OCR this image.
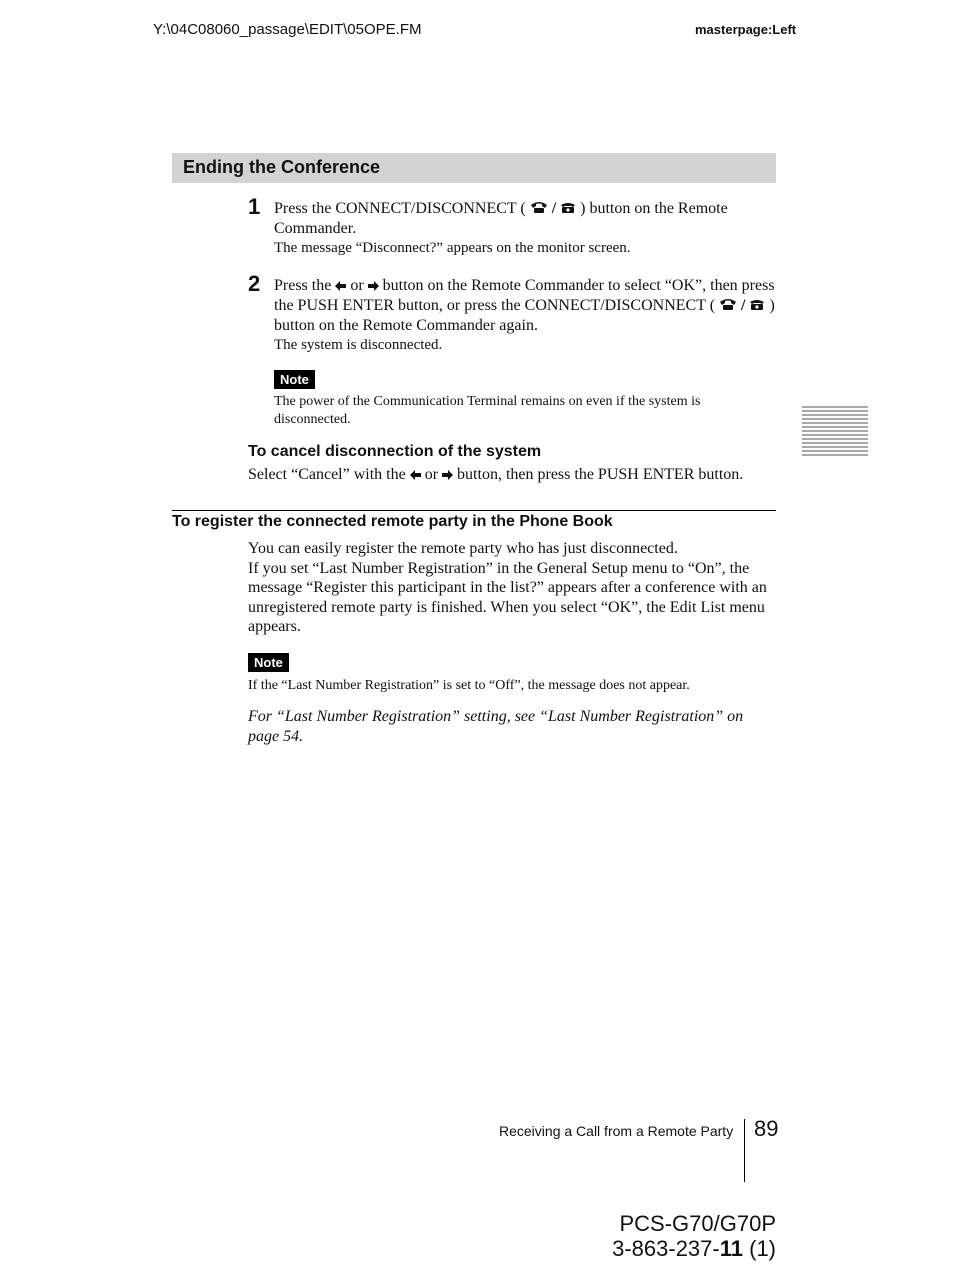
Y:\04C08060_passage\EDIT\05OPE.FM	masterpage:Left
Ending the Conference
1 Press the CONNECT/DISCONNECT ( / ) button on the Remote Commander.
The message “Disconnect?” appears on the monitor screen.
2 Press the or button on the Remote Commander to select “OK”, then press the PUSH ENTER button, or press the CONNECT/DISCONNECT ( / ) button on the Remote Commander again.
The system is disconnected.
Note
The power of the Communication Terminal remains on even if the system is disconnected.
To cancel disconnection of the system
Select “Cancel” with the or button, then press the PUSH ENTER button.
To register the connected remote party in the Phone Book
You can easily register the remote party who has just disconnected.
If you set “Last Number Registration” in the General Setup menu to “On”, the message “Register this participant in the list?” appears after a conference with an unregistered remote party is finished. When you select “OK”, the Edit List menu appears.
Note
If the “Last Number Registration” is set to “Off”, the message does not appear.
For “Last Number Registration” setting, see “Last Number Registration” on page 54.
Receiving a Call from a Remote Party 89
PCS-G70/G70P
3-863-237-11 (1)
